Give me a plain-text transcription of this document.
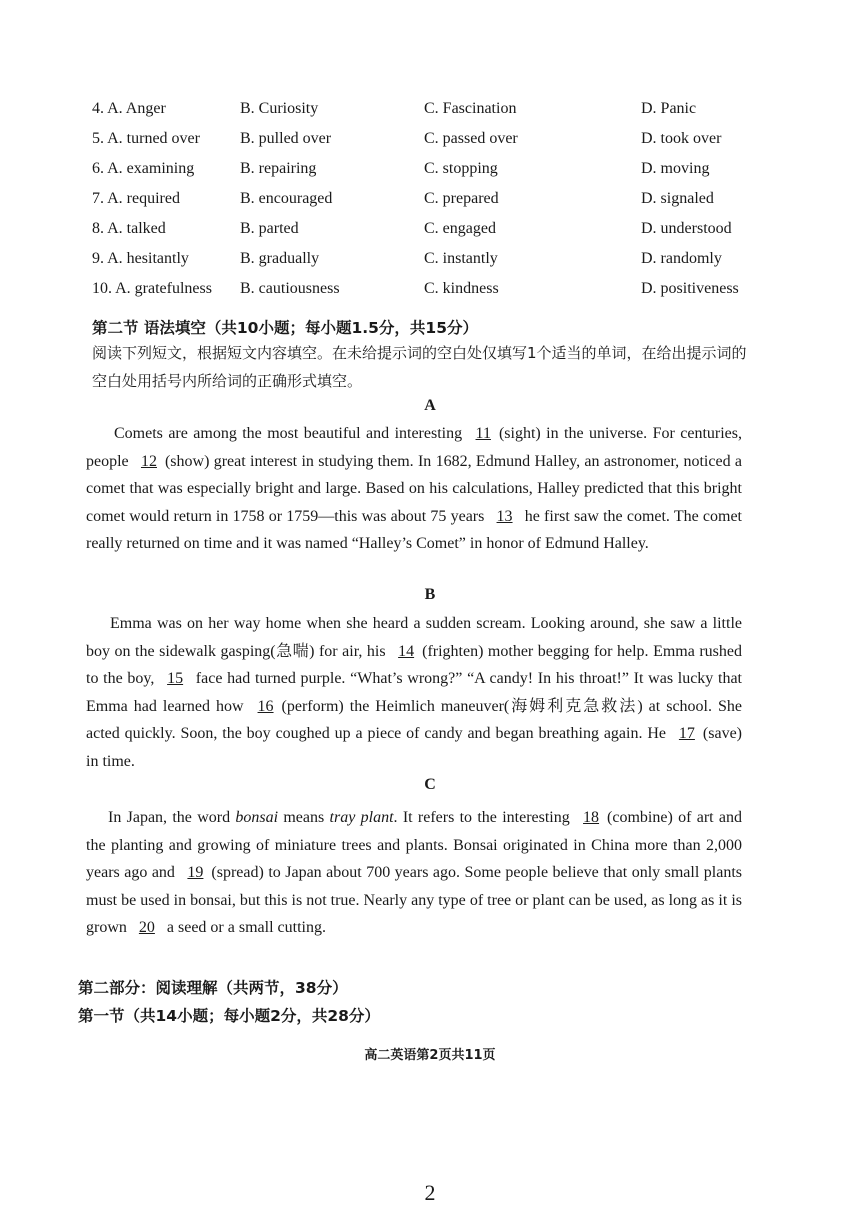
4. A. Anger	B. Curiosity	C. Fascination	D. Panic
5. A. turned over	B. pulled over	C. passed over	D. took over
6. A. examining	B. repairing	C. stopping	D. moving
7. A. required	B. encouraged	C. prepared	D. signaled
8. A. talked	B. parted	C. engaged	D. understood
9. A. hesitantly	B. gradually	C. instantly	D. randomly
10. A. gratefulness B. cautiousness	C. kindness	D. positiveness
第二节 语法填空（共10小题；每小题1.5分，共15分）
阅读下列短文，根据短文内容填空。在未给提示词的空白处仅填写1个适当的单词，在给出提示词的空白处用括号内所给词的正确形式填空。
A
Comets are among the most beautiful and interesting 11 (sight) in the universe. For centuries, people 12 (show) great interest in studying them. In 1682, Edmund Halley, an astronomer, noticed a comet that was especially bright and large. Based on his calculations, Halley predicted that this bright comet would return in 1758 or 1759—this was about 75 years 13 he first saw the comet. The comet really returned on time and it was named “Halley’s Comet” in honor of Edmund Halley.
B
Emma was on her way home when she heard a sudden scream. Looking around, she saw a little boy on the sidewalk gasping(急喘) for air, his 14 (frighten) mother begging for help. Emma rushed to the boy, 15 face had turned purple. “What’s wrong?” “A candy! In his throat!” It was lucky that Emma had learned how 16 (perform) the Heimlich maneuver(海姆利克急救法) at school. She acted quickly. Soon, the boy coughed up a piece of candy and began breathing again. He 17 (save) in time.
C
In Japan, the word bonsai means tray plant. It refers to the interesting 18 (combine) of art and the planting and growing of miniature trees and plants. Bonsai originated in China more than 2,000 years ago and 19 (spread) to Japan about 700 years ago. Some people believe that only small plants must be used in bonsai, but this is not true. Nearly any type of tree or plant can be used, as long as it is grown 20 a seed or a small cutting.
第二部分：阅读理解（共两节，38分）
第一节（共14小题；每小题2分，共28分）
高二英语第2页共11页
2
